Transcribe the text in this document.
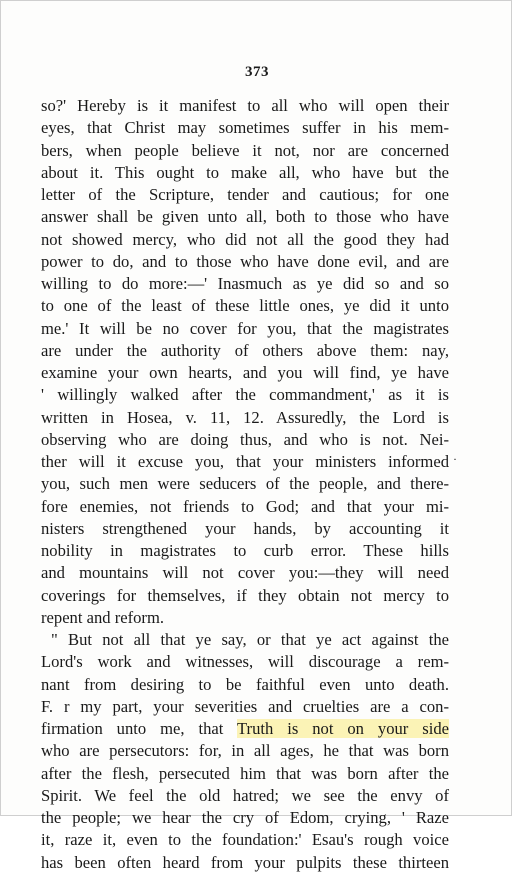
373
so?' Hereby is it manifest to all who will open their
eyes, that Christ may sometimes suffer in his mem-
bers, when people believe it not, nor are concerned
about it. This ought to make all, who have but the
letter of the Scripture, tender and cautious; for one
answer shall be given unto all, both to those who have
not showed mercy, who did not all the good they had
power to do, and to those who have done evil, and are
willing to do more:—' Inasmuch as ye did so and so
to one of the least of these little ones, ye did it unto
me.' It will be no cover for you, that the magistrates
are under the authority of others above them: nay,
examine your own hearts, and you will find, ye have
' willingly walked after the commandment,' as it is
written in Hosea, v. 11, 12. Assuredly, the Lord is
observing who are doing thus, and who is not. Nei-
ther will it excuse you, that your ministers informed
you, such men were seducers of the people, and there-
fore enemies, not friends to God; and that your mi-
nisters strengthened your hands, by accounting it
nobility in magistrates to curb error. These hills
and mountains will not cover you:—they will need
coverings for themselves, if they obtain not mercy to
repent and reform.
" But not all that ye say, or that ye act against the
Lord's work and witnesses, will discourage a rem-
nant from desiring to be faithful even unto death.
F. r my part, your severities and cruelties are a con-
firmation unto me, that Truth is not on your side
who are persecutors: for, in all ages, he that was born
after the flesh, persecuted him that was born after the
Spirit. We feel the old hatred; we see the envy of
the people; we hear the cry of Edom, crying, ' Raze
it, raze it, even to the foundation:' Esau's rough voice
has been often heard from your pulpits these thirteen
·
